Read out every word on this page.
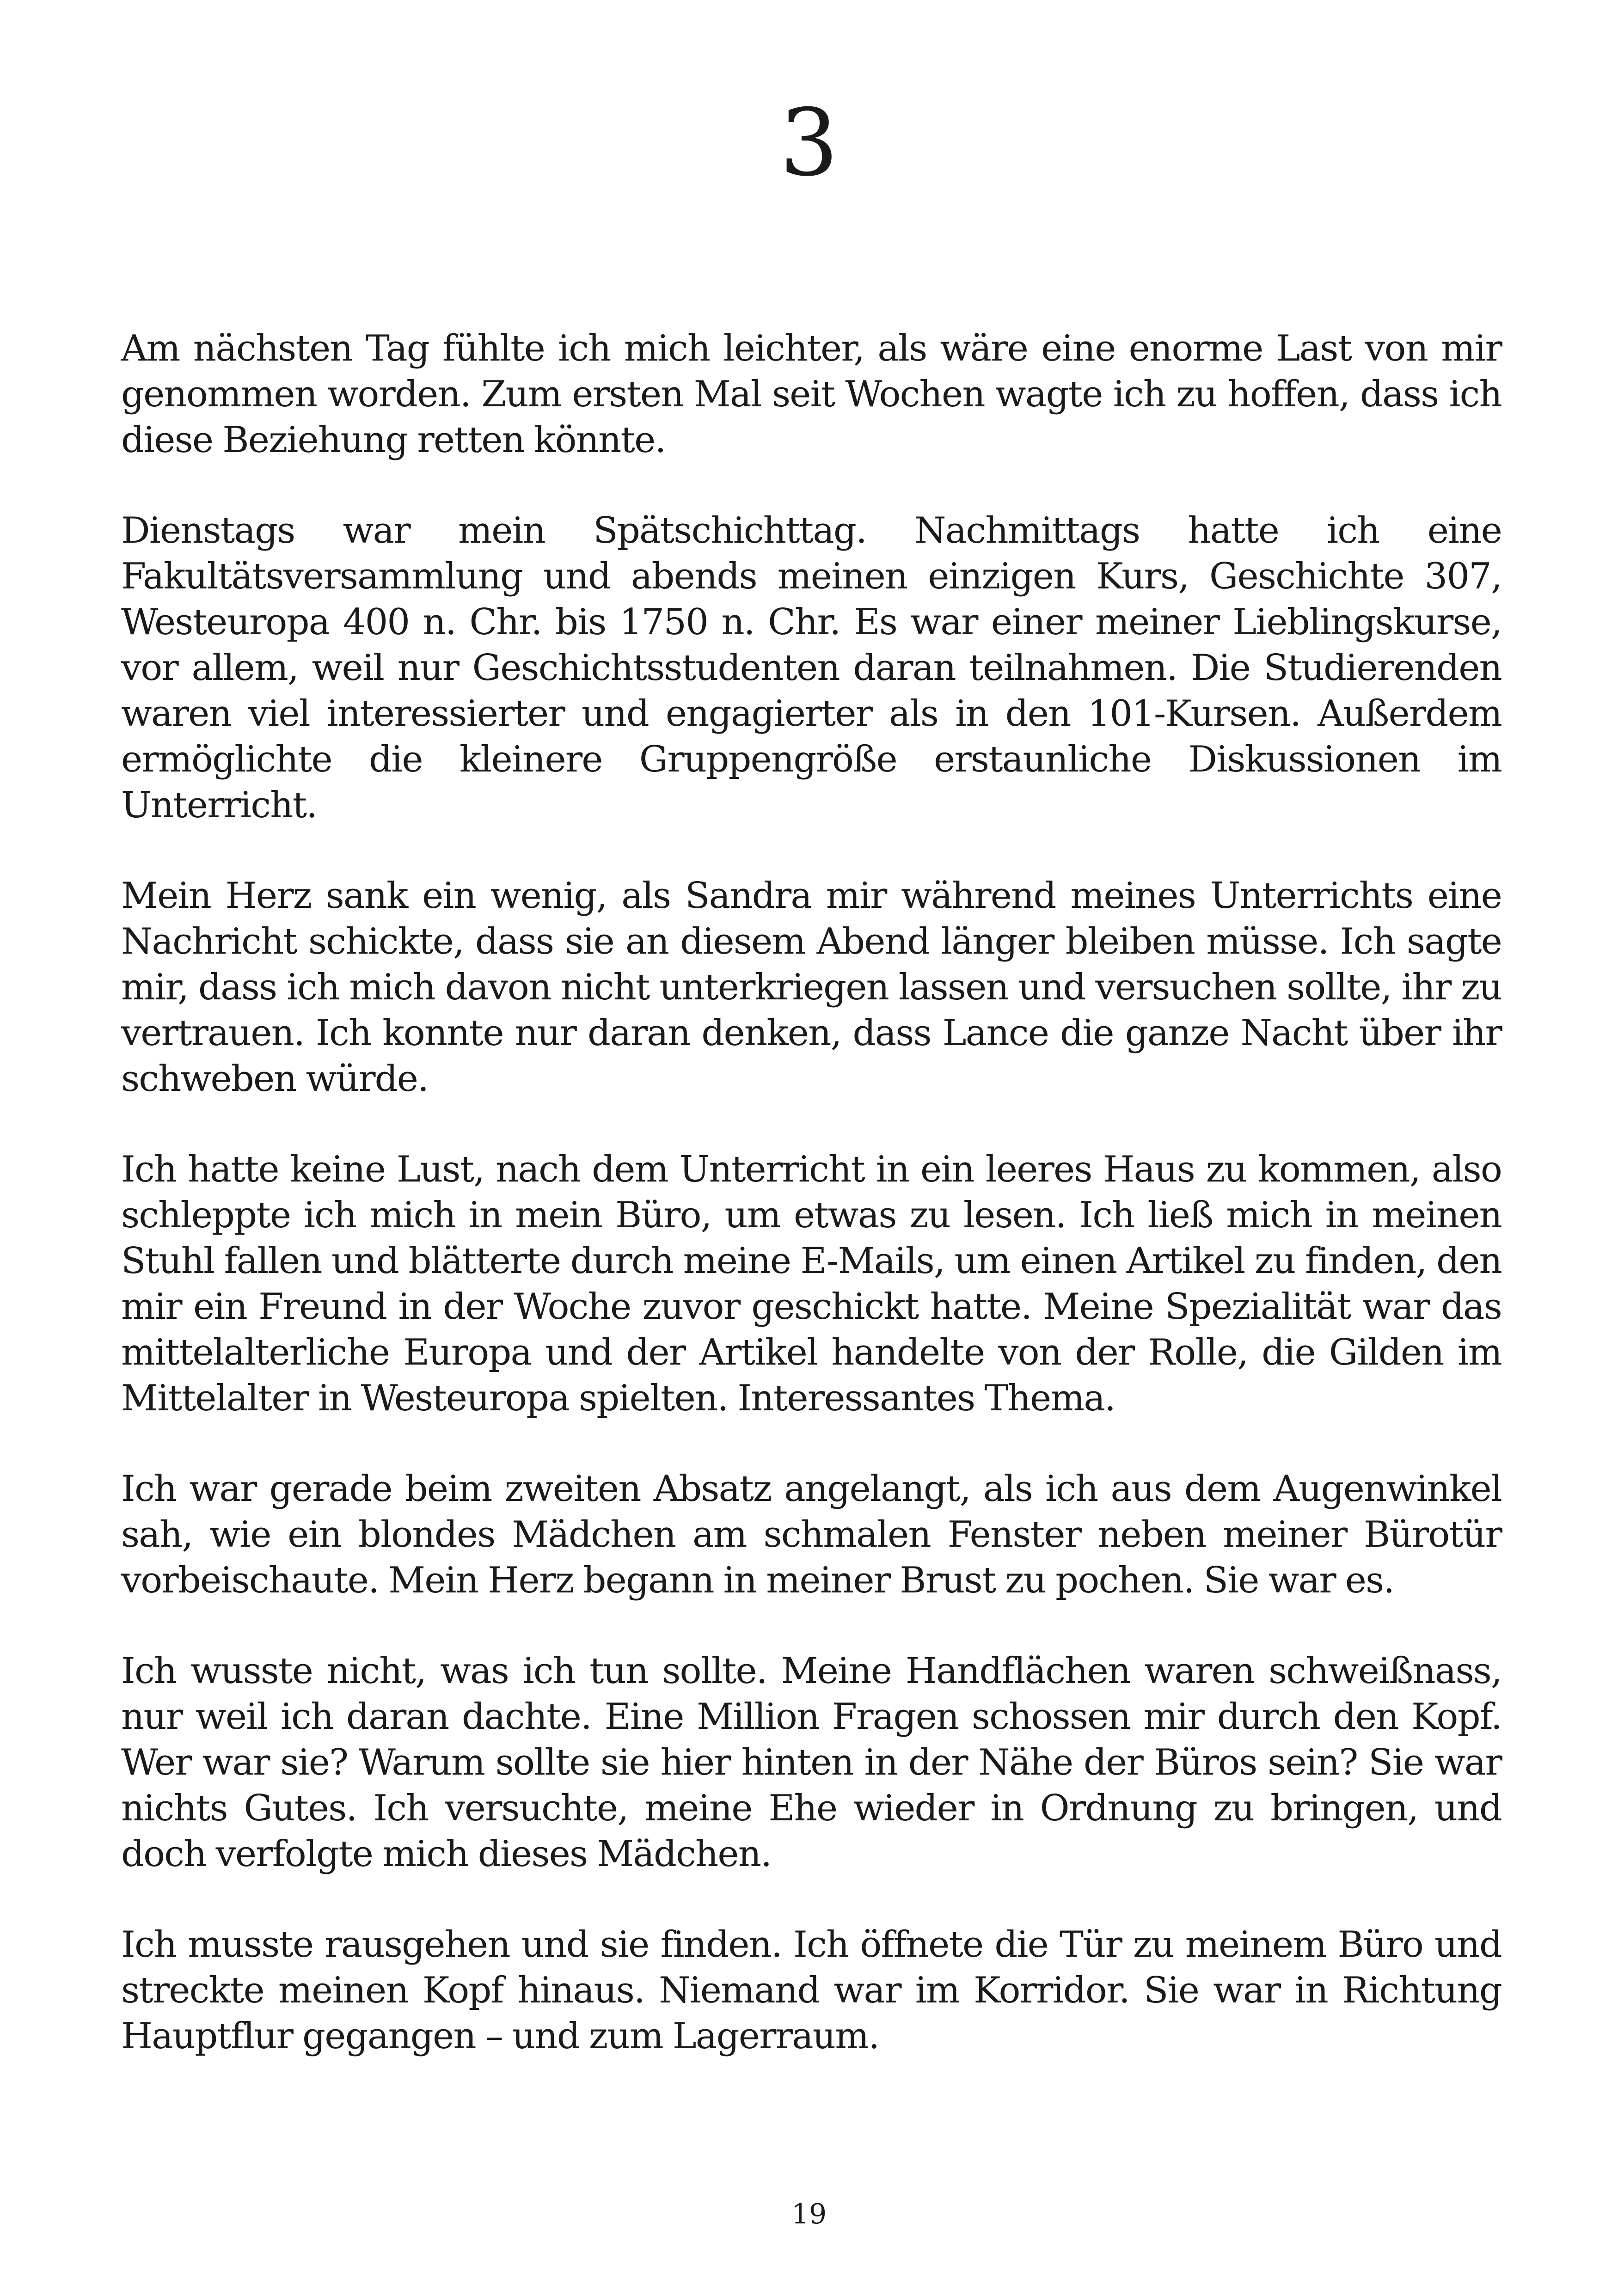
3

Am nächsten Tag fühlte ich mich leichter, als wäre eine enorme Last von mir genommen worden. Zum ersten Mal seit Wochen wagte ich zu hoffen, dass ich diese Beziehung retten könnte.

Dienstags war mein Spätschichttag. Nachmittags hatte ich eine Fakultätsversammlung und abends meinen einzigen Kurs, Geschichte 307, Westeuropa 400 n. Chr. bis 1750 n. Chr. Es war einer meiner Lieblingskurse, vor allem, weil nur Geschichtsstudenten daran teilnahmen. Die Studierenden waren viel interessierter und engagierter als in den 101-Kursen. Außerdem ermöglichte die kleinere Gruppengröße erstaunliche Diskussionen im Unterricht.

Mein Herz sank ein wenig, als Sandra mir während meines Unterrichts eine Nachricht schickte, dass sie an diesem Abend länger bleiben müsse. Ich sagte mir, dass ich mich davon nicht unterkriegen lassen und versuchen sollte, ihr zu vertrauen. Ich konnte nur daran denken, dass Lance die ganze Nacht über ihr schweben würde.

Ich hatte keine Lust, nach dem Unterricht in ein leeres Haus zu kommen, also schleppte ich mich in mein Büro, um etwas zu lesen. Ich ließ mich in meinen Stuhl fallen und blätterte durch meine E-Mails, um einen Artikel zu finden, den mir ein Freund in der Woche zuvor geschickt hatte. Meine Spezialität war das mittelalterliche Europa und der Artikel handelte von der Rolle, die Gilden im Mittelalter in Westeuropa spielten. Interessantes Thema.

Ich war gerade beim zweiten Absatz angelangt, als ich aus dem Augenwinkel sah, wie ein blondes Mädchen am schmalen Fenster neben meiner Bürotür vorbeischaute. Mein Herz begann in meiner Brust zu pochen. Sie war es.

Ich wusste nicht, was ich tun sollte. Meine Handflächen waren schweißnass, nur weil ich daran dachte. Eine Million Fragen schossen mir durch den Kopf. Wer war sie? Warum sollte sie hier hinten in der Nähe der Büros sein? Sie war nichts Gutes. Ich versuchte, meine Ehe wieder in Ordnung zu bringen, und doch verfolgte mich dieses Mädchen.

Ich musste rausgehen und sie finden. Ich öffnete die Tür zu meinem Büro und streckte meinen Kopf hinaus. Niemand war im Korridor. Sie war in Richtung Hauptflur gegangen – und zum Lagerraum.

19
